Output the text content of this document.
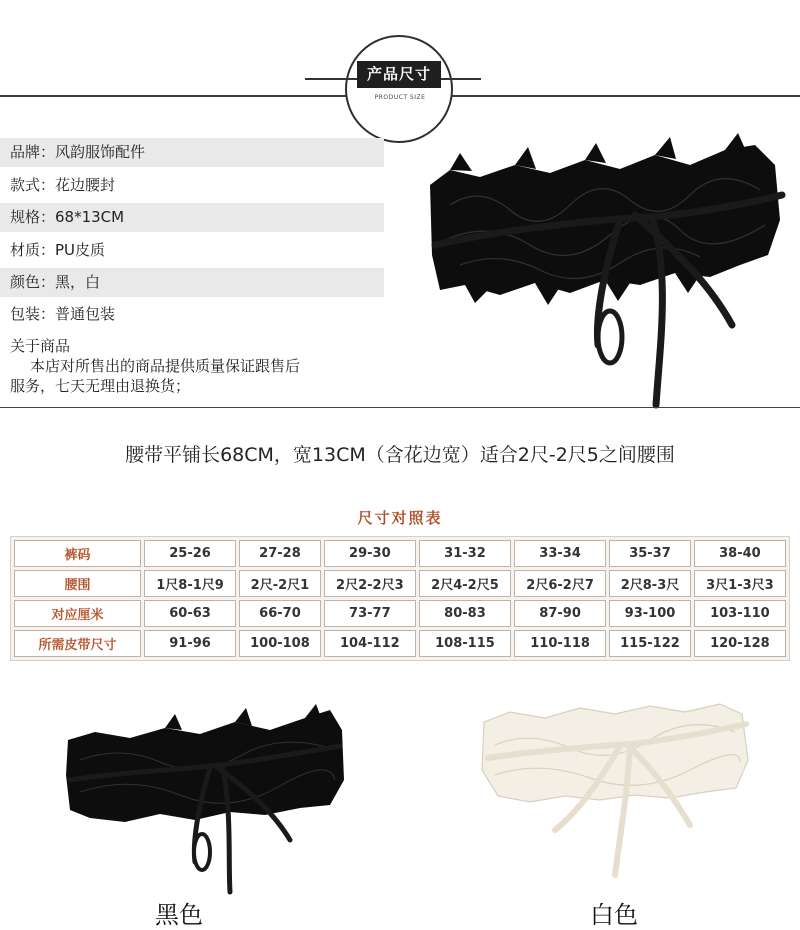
产品尺寸
PRODUCT SIZE
品牌：风韵服饰配件
款式：花边腰封
规格：68*13CM
材质：PU皮质
颜色：黑，白
包装：普通包装
关于商品
本店对所售出的商品提供质量保证跟售后
服务，七天无理由退换货；
腰带平铺长68CM，宽13CM（含花边宽）适合2尺-2尺5之间腰围
尺寸对照表
裤码	25-26	27-28	29-30	31-32	33-34	35-37	38-40
腰围	1尺8-1尺9	2尺-2尺1	2尺2-2尺3	2尺4-2尺5	2尺6-2尺7	2尺8-3尺	3尺1-3尺3
对应厘米	60-63	66-70	73-77	80-83	87-90	93-100	103-110
所需皮带尺寸	91-96	100-108	104-112	108-115	110-118	115-122	120-128
黑色	白色
